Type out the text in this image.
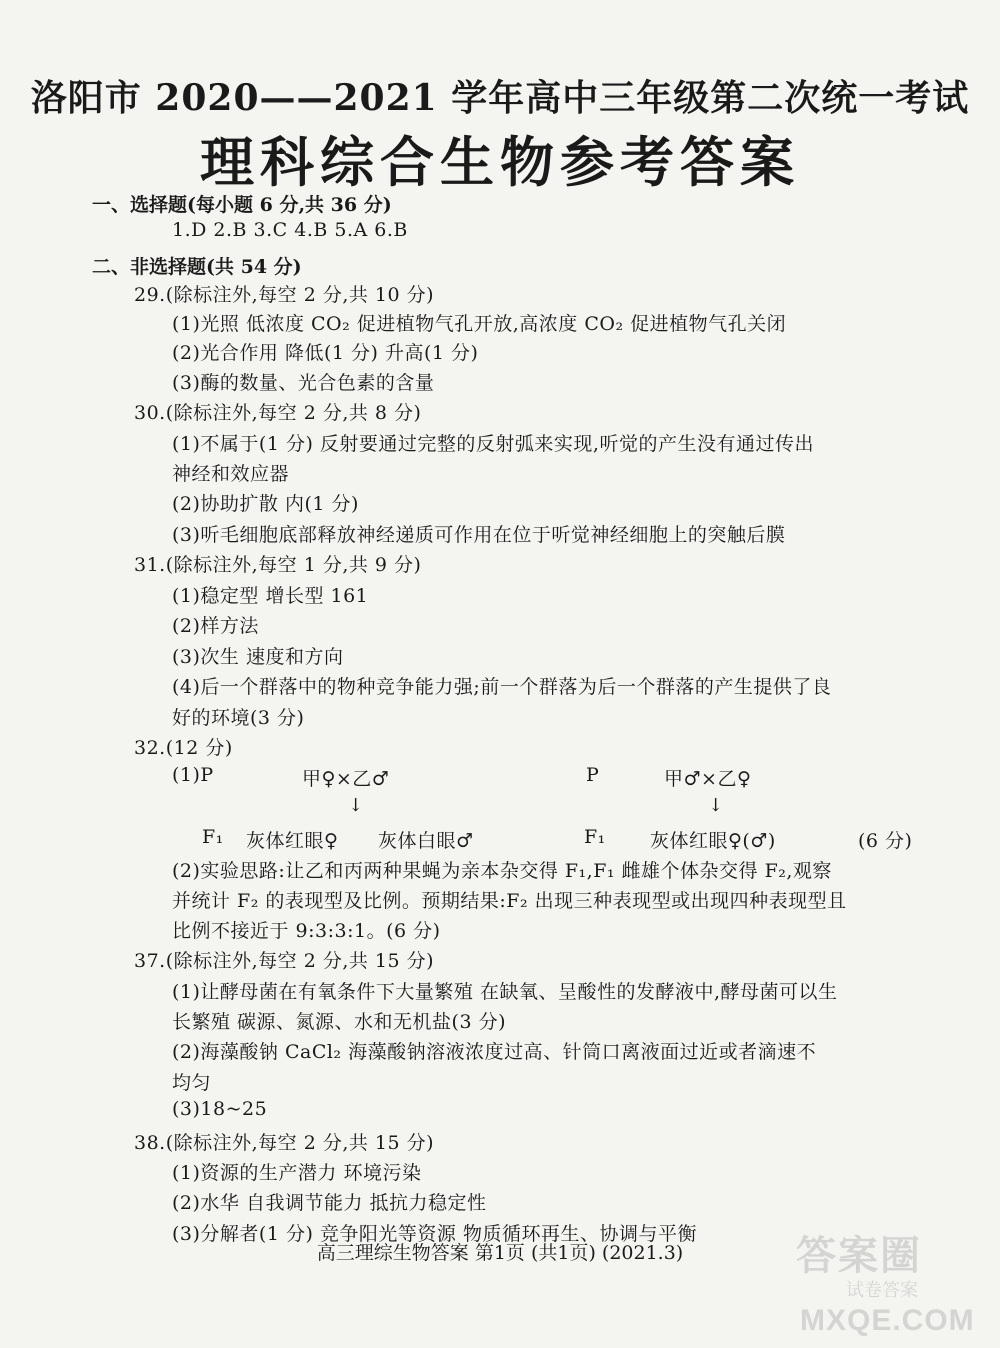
洛阳市 2020——2021 学年高中三年级第二次统一考试
理科综合生物参考答案
一、选择题(每小题 6 分,共 36 分)
1.D 2.B 3.C 4.B 5.A 6.B
二、非选择题(共 54 分)
29.(除标注外,每空 2 分,共 10 分)
(1)光照 低浓度 CO₂ 促进植物气孔开放,高浓度 CO₂ 促进植物气孔关闭
(2)光合作用 降低(1 分) 升高(1 分)
(3)酶的数量、光合色素的含量
30.(除标注外,每空 2 分,共 8 分)
(1)不属于(1 分) 反射要通过完整的反射弧来实现,听觉的产生没有通过传出
神经和效应器
(2)协助扩散 内(1 分)
(3)听毛细胞底部释放神经递质可作用在位于听觉神经细胞上的突触后膜
31.(除标注外,每空 1 分,共 9 分)
(1)稳定型 增长型 161
(2)样方法
(3)次生 速度和方向
(4)后一个群落中的物种竞争能力强;前一个群落为后一个群落的产生提供了良
好的环境(3 分)
32.(12 分)
(1)P	甲♀×乙♂
↓
F₁ 灰体红眼♀ 灰体白眼♂
P	甲♂×乙♀
↓
F₁ 灰体红眼♀(♂)	(6 分)
(2)实验思路:让乙和丙两种果蝇为亲本杂交得 F₁,F₁ 雌雄个体杂交得 F₂,观察
并统计 F₂ 的表现型及比例。预期结果:F₂ 出现三种表现型或出现四种表现型且
比例不接近于 9:3:3:1。(6 分)
37.(除标注外,每空 2 分,共 15 分)
(1)让酵母菌在有氧条件下大量繁殖 在缺氧、呈酸性的发酵液中,酵母菌可以生
长繁殖 碳源、氮源、水和无机盐(3 分)
(2)海藻酸钠 CaCl₂ 海藻酸钠溶液浓度过高、针筒口离液面过近或者滴速不
均匀
(3)18~25
38.(除标注外,每空 2 分,共 15 分)
(1)资源的生产潜力 环境污染
(2)水华 自我调节能力 抵抗力稳定性
(3)分解者(1 分) 竞争阳光等资源 物质循环再生、协调与平衡
高三理综生物答案 第1页 (共1页) (2021.3)	答案圈
试卷答案
MXQE.COM
